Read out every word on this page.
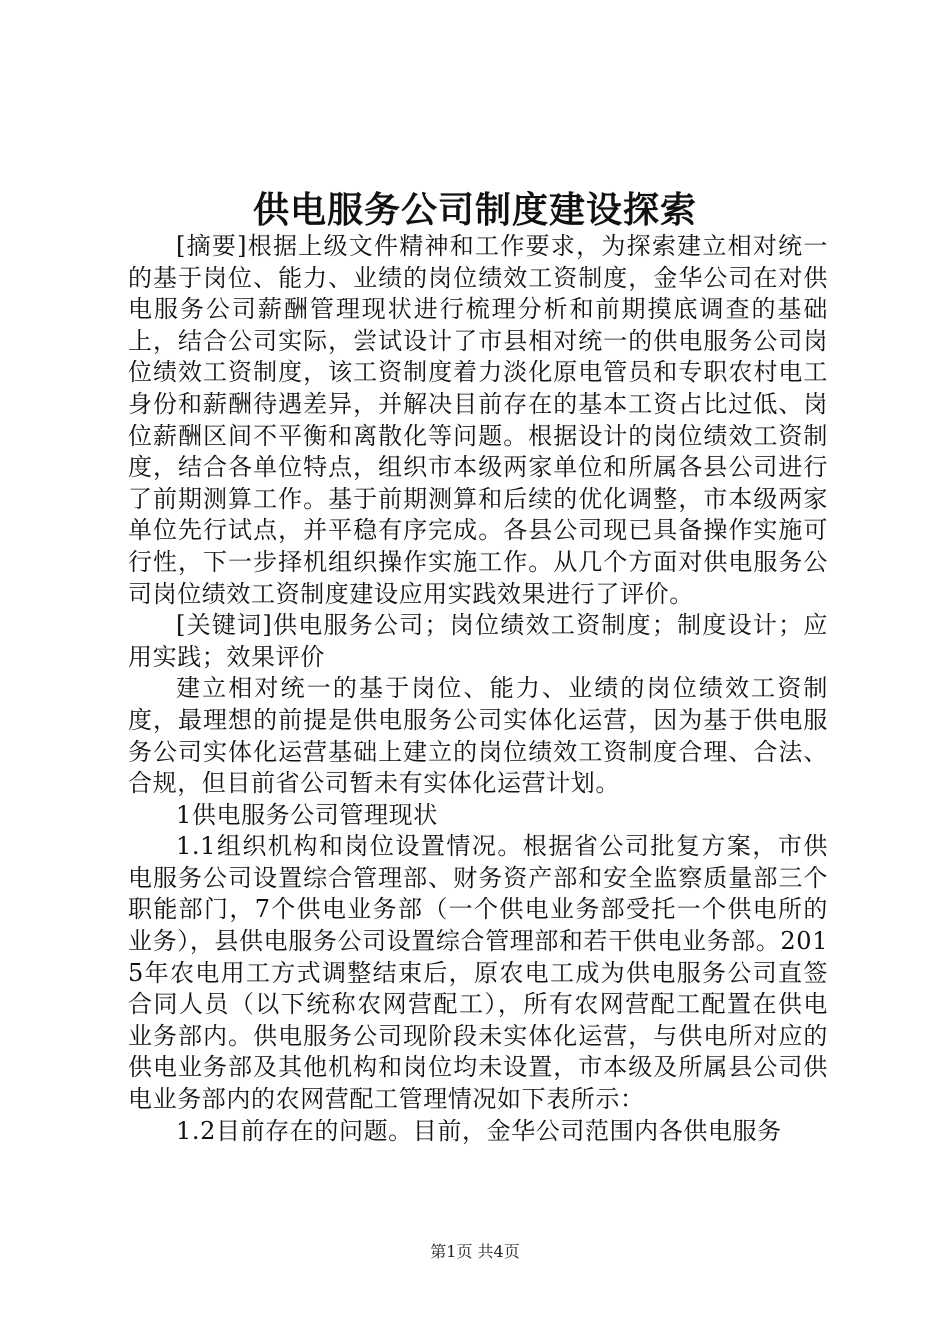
供电服务公司制度建设探索

[摘要]根据上级文件精神和工作要求，为探索建立相对统一的基于岗位、能力、业绩的岗位绩效工资制度，金华公司在对供电服务公司薪酬管理现状进行梳理分析和前期摸底调查的基础上，结合公司实际，尝试设计了市县相对统一的供电服务公司岗位绩效工资制度，该工资制度着力淡化原电管员和专职农村电工身份和薪酬待遇差异，并解决目前存在的基本工资占比过低、岗位薪酬区间不平衡和离散化等问题。根据设计的岗位绩效工资制度，结合各单位特点，组织市本级两家单位和所属各县公司进行了前期测算工作。基于前期测算和后续的优化调整，市本级两家单位先行试点，并平稳有序完成。各县公司现已具备操作实施可行性，下一步择机组织操作实施工作。从几个方面对供电服务公司岗位绩效工资制度建设应用实践效果进行了评价。

[关键词]供电服务公司；岗位绩效工资制度；制度设计；应用实践；效果评价

建立相对统一的基于岗位、能力、业绩的岗位绩效工资制度，最理想的前提是供电服务公司实体化运营，因为基于供电服务公司实体化运营基础上建立的岗位绩效工资制度合理、合法、合规，但目前省公司暂未有实体化运营计划。

1供电服务公司管理现状

1.1组织机构和岗位设置情况。根据省公司批复方案，市供电服务公司设置综合管理部、财务资产部和安全监察质量部三个职能部门，7个供电业务部（一个供电业务部受托一个供电所的业务），县供电服务公司设置综合管理部和若干供电业务部。2015年农电用工方式调整结束后，原农电工成为供电服务公司直签合同人员（以下统称农网营配工），所有农网营配工配置在供电业务部内。供电服务公司现阶段未实体化运营，与供电所对应的供电业务部及其他机构和岗位均未设置，市本级及所属县公司供电业务部内的农网营配工管理情况如下表所示：

1.2目前存在的问题。目前，金华公司范围内各供电服务

第1页 共4页
